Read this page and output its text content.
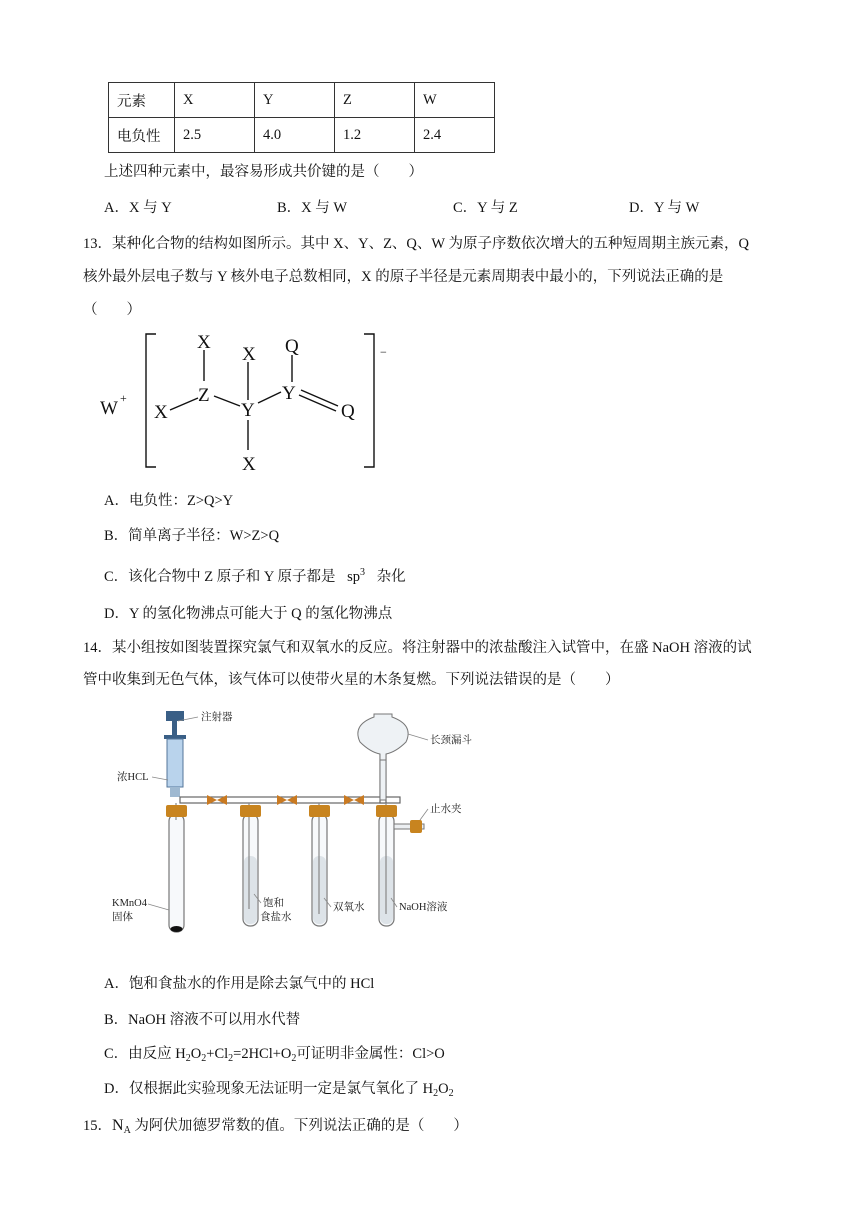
元素	X	Y	Z	W
电负性	2.5	4.0	1.2	2.4
上述四种元素中，最容易形成共价键的是（　　）
A．X 与 Y	B．X 与 W	C．Y 与 Z	D．Y 与 W
13．某种化合物的结构如图所示。其中 X、Y、Z、Q、W 为原子序数依次增大的五种短周期主族元素，Q
核外最外层电子数与 Y 核外电子总数相同，X 的原子半径是元素周期表中最小的，下列说法正确的是
（　　）
W +
X
X
X
X
Z
Y
Y
Q
Q
−
A．电负性：Z>Q>Y
B．简单离子半径：W>Z>Q
C．该化合物中 Z 原子和 Y 原子都是 $sp^3$ 杂化
D．Y 的氢化物沸点可能大于 Q 的氢化物沸点
14．某小组按如图装置探究氯气和双氧水的反应。将注射器中的浓盐酸注入试管中，在盛 NaOH 溶液的试
管中收集到无色气体，该气体可以使带火星的木条复燃。下列说法错误的是（　　）
注射器
浓HCL
KMnO4
固体
饱和
食盐水
双氧水	NaOH溶液
长颈漏斗
止水夹
A．饱和食盐水的作用是除去氯气中的 HCl
B．NaOH 溶液不可以用水代替
C．由反应 $H_2O_2+Cl_2=2HCl+O_2$可证明非金属性：Cl>O
D．仅根据此实验现象无法证明一定是氯气氧化了 $H_2O_2$
15．$N_A$ 为阿伏加德罗常数的值。下列说法正确的是（　　）
